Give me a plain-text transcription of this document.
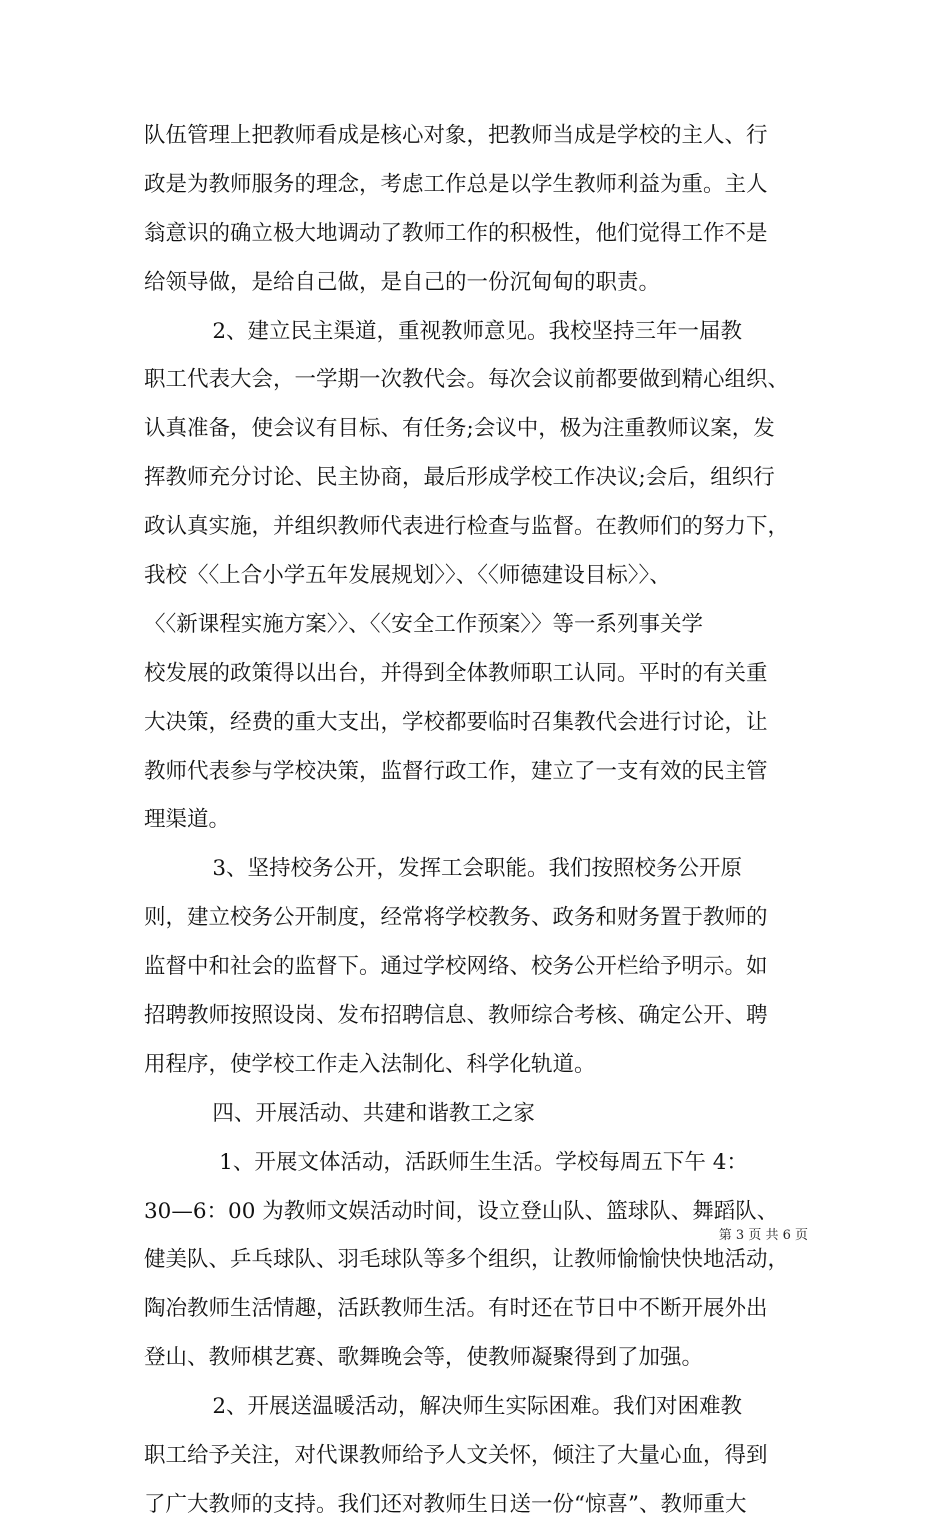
队伍管理上把教师看成是核心对象，把教师当成是学校的主人、行
政是为教师服务的理念，考虑工作总是以学生教师利益为重。主人
翁意识的确立极大地调动了教师工作的积极性，他们觉得工作不是
给领导做，是给自己做，是自己的一份沉甸甸的职责。
2、建立民主渠道，重视教师意见。我校坚持三年一届教
职工代表大会，一学期一次教代会。每次会议前都要做到精心组织、
认真准备，使会议有目标、有任务;会议中，极为注重教师议案，发
挥教师充分讨论、民主协商，最后形成学校工作决议;会后，组织行
政认真实施，并组织教师代表进行检查与监督。在教师们的努力下，
我校〈〈上合小学五年发展规划〉〉、〈〈师德建设目标〉〉、
〈〈新课程实施方案〉〉、〈〈安全工作预案〉〉等一系列事关学
校发展的政策得以出台，并得到全体教师职工认同。平时的有关重
大决策，经费的重大支出，学校都要临时召集教代会进行讨论，让
教师代表参与学校决策，监督行政工作，建立了一支有效的民主管
理渠道。
3、坚持校务公开，发挥工会职能。我们按照校务公开原
则，建立校务公开制度，经常将学校教务、政务和财务置于教师的
监督中和社会的监督下。通过学校网络、校务公开栏给予明示。如
招聘教师按照设岗、发布招聘信息、教师综合考核、确定公开、聘
用程序，使学校工作走入法制化、科学化轨道。
四、开展活动、共建和谐教工之家
1、开展文体活动，活跃师生生活。学校每周五下午 4：
30—6：00 为教师文娱活动时间，设立登山队、篮球队、舞蹈队、
健美队、乒乓球队、羽毛球队等多个组织，让教师愉愉快快地活动，
陶冶教师生活情趣，活跃教师生活。有时还在节日中不断开展外出
登山、教师棋艺赛、歌舞晚会等，使教师凝聚得到了加强。
2、开展送温暖活动，解决师生实际困难。我们对困难教
职工给予关注，对代课教师给予人文关怀，倾注了大量心血，得到
了广大教师的支持。我们还对教师生日送一份“惊喜”、教师重大
第 3 页 共 6 页
